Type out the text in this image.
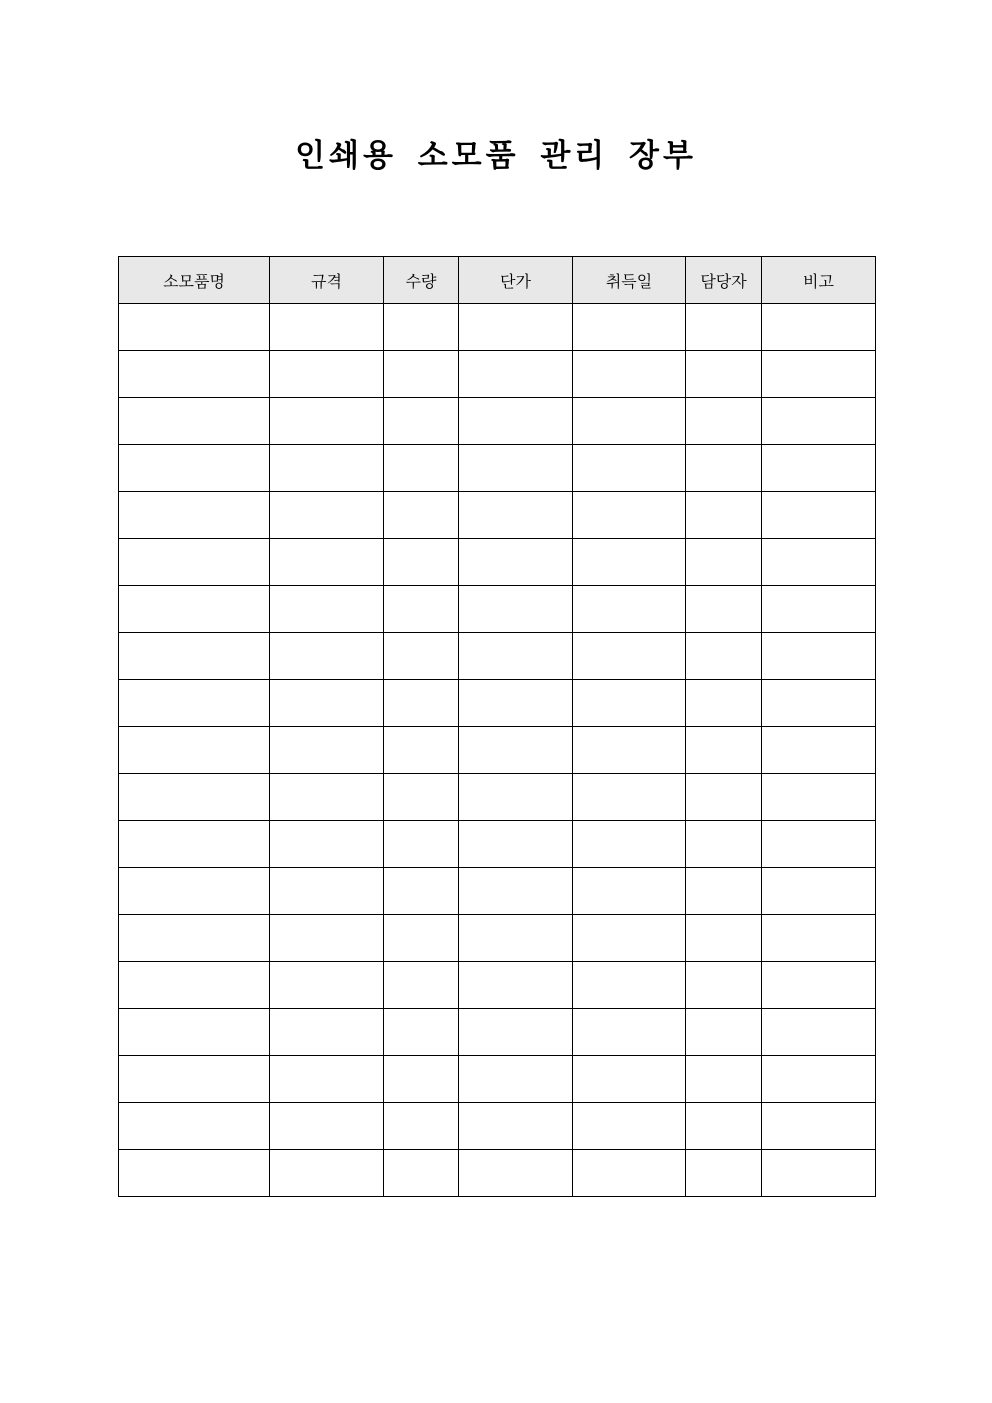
인쇄용 소모품 관리 장부
소모품명	규격	수량	단가	취득일	담당자	비고
